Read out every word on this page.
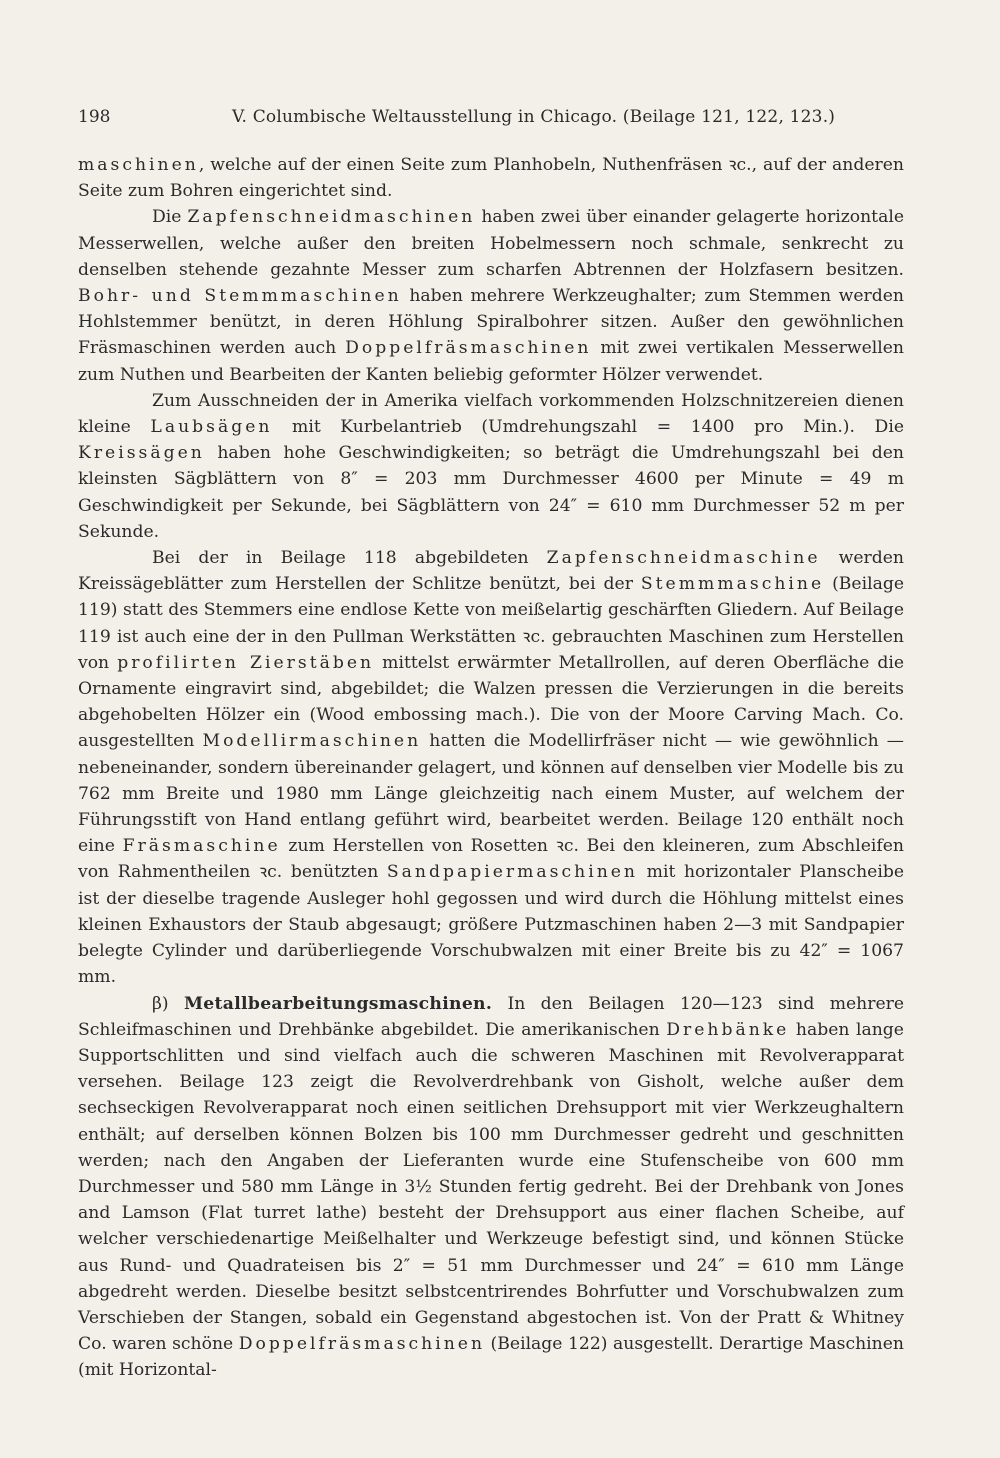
198	V. Columbische Weltausstellung in Chicago. (Beilage 121, 122, 123.)

maschinen, welche auf der einen Seite zum Planhobeln, Nuthenfräsen ꝛc., auf der anderen Seite zum Bohren eingerichtet sind.

Die Zapfenschneidmaschinen haben zwei über einander gelagerte horizontale Messerwellen, welche außer den breiten Hobelmessern noch schmale, senkrecht zu denselben stehende gezahnte Messer zum scharfen Abtrennen der Holzfasern besitzen. Bohr- und Stemmmaschinen haben mehrere Werkzeughalter; zum Stemmen werden Hohlstemmer benützt, in deren Höhlung Spiralbohrer sitzen. Außer den gewöhnlichen Fräsmaschinen werden auch Doppelfräsmaschinen mit zwei vertikalen Messerwellen zum Nuthen und Bearbeiten der Kanten beliebig geformter Hölzer verwendet.

Zum Ausschneiden der in Amerika vielfach vorkommenden Holzschnitzereien dienen kleine Laubsägen mit Kurbelantrieb (Umdrehungszahl = 1400 pro Min.). Die Kreissägen haben hohe Geschwindigkeiten; so beträgt die Umdrehungszahl bei den kleinsten Sägblättern von 8″ = 203 mm Durchmesser 4600 per Minute = 49 m Geschwindigkeit per Sekunde, bei Sägblättern von 24″ = 610 mm Durchmesser 52 m per Sekunde.

Bei der in Beilage 118 abgebildeten Zapfenschneidmaschine werden Kreissägeblätter zum Herstellen der Schlitze benützt, bei der Stemmmaschine (Beilage 119) statt des Stemmers eine endlose Kette von meißelartig geschärften Gliedern. Auf Beilage 119 ist auch eine der in den Pullman Werkstätten ꝛc. gebrauchten Maschinen zum Herstellen von profilirten Zierstäben mittelst erwärmter Metallrollen, auf deren Oberfläche die Ornamente eingravirt sind, abgebildet; die Walzen pressen die Verzierungen in die bereits abgehobelten Hölzer ein (Wood embossing mach.). Die von der Moore Carving Mach. Co. ausgestellten Modellirmaschinen hatten die Modellirfräser nicht — wie gewöhnlich — nebeneinander, sondern übereinander gelagert, und können auf denselben vier Modelle bis zu 762 mm Breite und 1980 mm Länge gleichzeitig nach einem Muster, auf welchem der Führungsstift von Hand entlang geführt wird, bearbeitet werden. Beilage 120 enthält noch eine Fräsmaschine zum Herstellen von Rosetten ꝛc. Bei den kleineren, zum Abschleifen von Rahmentheilen ꝛc. benützten Sandpapiermaschinen mit horizontaler Planscheibe ist der dieselbe tragende Ausleger hohl gegossen und wird durch die Höhlung mittelst eines kleinen Exhaustors der Staub abgesaugt; größere Putzmaschinen haben 2—3 mit Sandpapier belegte Cylinder und darüberliegende Vorschubwalzen mit einer Breite bis zu 42″ = 1067 mm.

β) Metallbearbeitungsmaschinen. In den Beilagen 120—123 sind mehrere Schleifmaschinen und Drehbänke abgebildet. Die amerikanischen Drehbänke haben lange Supportschlitten und sind vielfach auch die schweren Maschinen mit Revolverapparat versehen. Beilage 123 zeigt die Revolverdrehbank von Gisholt, welche außer dem sechseckigen Revolverapparat noch einen seitlichen Drehsupport mit vier Werkzeughaltern enthält; auf derselben können Bolzen bis 100 mm Durchmesser gedreht und geschnitten werden; nach den Angaben der Lieferanten wurde eine Stufenscheibe von 600 mm Durchmesser und 580 mm Länge in 3½ Stunden fertig gedreht. Bei der Drehbank von Jones and Lamson (Flat turret lathe) besteht der Drehsupport aus einer flachen Scheibe, auf welcher verschiedenartige Meißelhalter und Werkzeuge befestigt sind, und können Stücke aus Rund- und Quadrateisen bis 2″ = 51 mm Durchmesser und 24″ = 610 mm Länge abgedreht werden. Dieselbe besitzt selbstcentrirendes Bohrfutter und Vorschubwalzen zum Verschieben der Stangen, sobald ein Gegenstand abgestochen ist. Von der Pratt & Whitney Co. waren schöne Doppelfräsmaschinen (Beilage 122) ausgestellt. Derartige Maschinen (mit Horizontal-
